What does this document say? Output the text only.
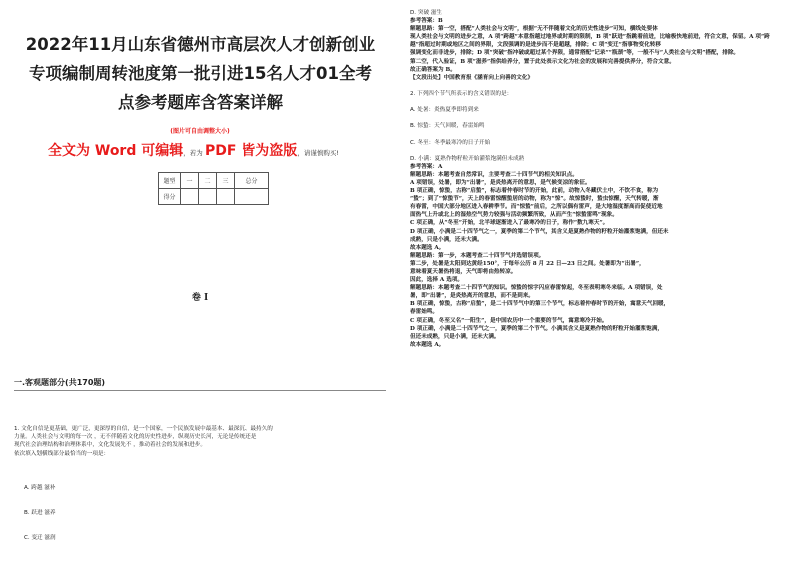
2022年11月山东省德州市高层次人才创新创业
专项编制周转池度第一批引进15名人才01全考
点参考题库含答案详解
(图片可自由调整大小)
全文为 Word 可编辑，若为 PDF 皆为盗版，请谨慎购买!
题型	一	二	三	总分
得分				
卷 I
一.客观题部分(共170题)
1. 文化自信是更基础，更广泛，更深厚的自信，是一个国家，一个民族发展中最基本、最深沉、最持久的
力量。人类社会与文明的每一次 ，无不伴随着文化的历史性进步，纵观历史长河，无论是传统还是
现代社会治理结构和治理体系中，文化发展先不 ，推动着社会的发展和进步。
依次填入划横线部分最恰当的一项是：
A. 跨越 滋补
B. 跃进 滋养
C. 变迁 滋润
D. 突破 滋生
参考答案：B
解题思路：第一空，搭配“人类社会与文明”，根据“无不伴随着文化的历史性进步”可知，横线处要体
现人类社会与文明的进步之意，A 项“跨越”本意指越过地界或时期的限制，B 项“跃进”指跳着前进，比喻极快地前进，符合文意，保留。A 项“跨
越”指超过时期或地区之间的界限，文段强调的是进步而不是超越，排除；C 项“变迁”指事物变化转移
强调变化而非进步，排除；D 项“突破”指冲破或超过某个界限，通常搭配“记录”“瓶颈”等，一般不与“人类社会与文明”搭配，排除。
第二空，代入验证，B 项“滋养”指供给养分，置于此处表示文化为社会的发展和完善提供养分，符合文意。
故正确答案为 B。
【文段出处】中国教育报《涵育向上向善的文化》
2. 下列四个节气所表示的含义错误的是：
A. 处暑：炎热夏季即将到来
B. 惊蛰：天气回暖，春雷始鸣
C. 冬至：冬季最寒冷的日子开始
D. 小满：夏熟作物籽粒开始灌浆饱满但未成熟
参考答案：A
解题思路：本题考查自然常识，主要考查二十四节气的相关知识点。
A 项错误，处暑，即为“出暑”，是炎热离开的意思，是气候变凉的象征。
B 项正确，惊蛰，古称“启蛰”，标志着仲春时节的开始，此前，动物入冬藏伏土中，不饮不食，称为
“蛰”；到了“惊蛰节”，天上的春雷惊醒蛰居的动物，称为“惊”。故惊蛰时，蛰虫惊醒，天气转暖，渐
有春雷，中国大部分地区进入春耕季节。而“惊蛰”前后，之所以偶有雷声，是大地湿度渐高而促使近地
面热气上升或北上的湿热空气势力较强与活动频繁所致，从而产生“惊蛰雷鸣”现象。
C 项正确，从“冬至”开始，北半球逐渐进入了最寒冷的日子，称作“数九寒天”。
D 项正确，小满是二十四节气之一，夏季的第二个节气，其含义是夏熟作物的籽粒开始灌浆饱满，但还未
成熟，只是小满，还未大满。
故本题选 A。
解题思路：第一步，本题考查二十四节气并选错误项。
第二步，处暑是太阳到达黄经150°，于每年公历 8 月 22 日—23 日之间。处暑即为“出暑”，
意味着夏天暑热将退，天气即将由热转凉。
因此，选择 A 选项。
解题思路：本题考查二十四节气的知识。惊蛰的惊字闪应春雷惊起，冬至表明寒冬来临。A 项错误，处
暑，即“出暑”，是炎热离开的意思，而不是到来。
B 项正确，惊蛰，古称“启蛰”，是二十四节气中的第三个节气，标志着仲春时节的开始，寓意天气回暖，
春雷始鸣。
C 项正确，冬至又名“一阳生”，是中国农历中一个重要的节气，寓意寒冷开始。
D 项正确，小满是二十四节气之一，夏季的第二个节气。小满其含义是夏熟作物的籽粒开始灌浆饱满，
但还未成熟，只是小满，还未大满。
故本题选 A。
